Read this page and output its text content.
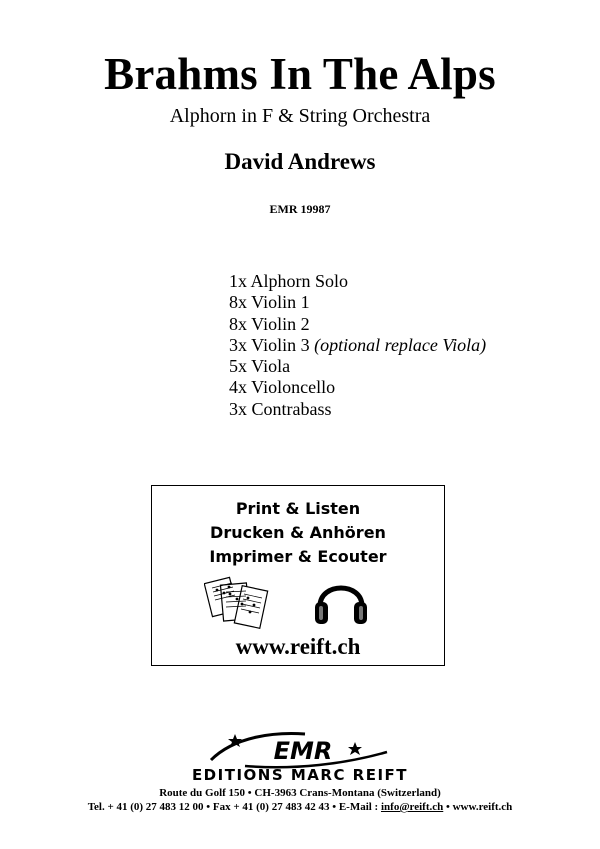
Brahms In The Alps
Alphorn in F & String Orchestra
David Andrews
EMR 19987
1x Alphorn Solo
8x Violin 1
8x Violin 2
3x Violin 3 (optional replace Viola)
5x Viola
4x Violoncello
3x Contrabass
Print & Listen
Drucken & Anhören
Imprimer & Ecouter
www.reift.ch
EMR
EDITIONS MARC REIFT
Route du Golf 150 • CH-3963 Crans-Montana (Switzerland)
Tel. + 41 (0) 27 483 12 00 • Fax + 41 (0) 27 483 42 43 • E-Mail : info@reift.ch • www.reift.ch
